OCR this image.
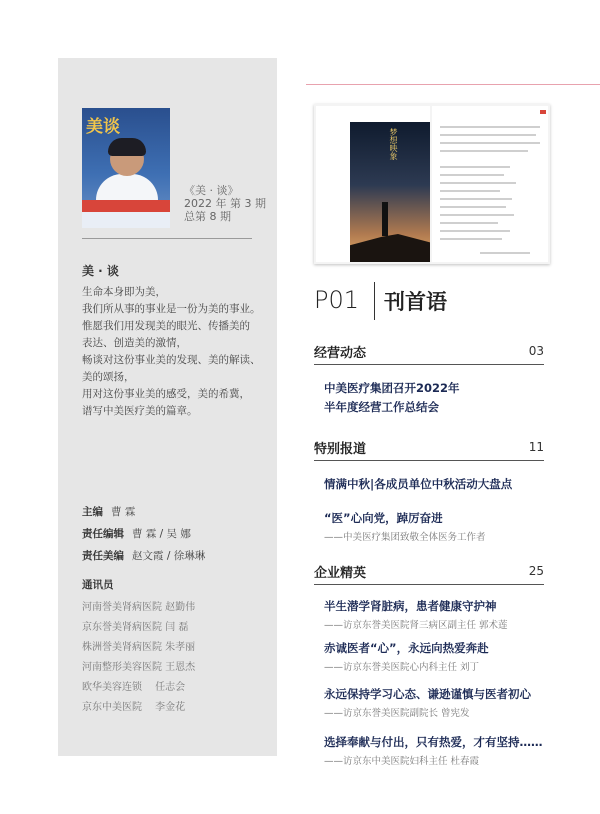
美谈
《美 · 谈》
2022 年 第 3 期
总第 8 期
美 · 谈
生命本身即为美，
我们所从事的事业是一份为美的事业。
惟愿我们用发现美的眼光、传播美的
表达、创造美的激情，
畅谈对这份事业美的发现、美的解读、
美的颂扬，
用对这份事业美的感受，美的希冀，
谱写中美医疗美的篇章。
主编 曹 霖
责任编辑 曹 霖 / 吴 娜
责任美编 赵文霞 / 徐琳琳
通讯员
河南誉美肾病医院 赵勤伟
京东誉美肾病医院 闫 磊
株洲誉美肾病医院 朱孝丽
河南整形美容医院 王恩杰
欧华美容连锁　 任志会
京东中美医院　 李金花
梦想映象
P01 刊首语
经营动态	03
中美医疗集团召开2022年
半年度经营工作总结会
特别报道	11
情满中秋|各成员单位中秋活动大盘点
“医”心向党，踔厉奋进
——中美医疗集团致敬全体医务工作者
企业精英	25
半生潜学肾脏病，患者健康守护神
——访京东誉美医院肾三病区副主任 郭术莲
赤诚医者“心”，永远向热爱奔赴
——访京东誉美医院心内科主任 刘丁
永远保持学习心态、谦逊谨慎与医者初心
——访京东誉美医院副院长 曾宪发
选择奉献与付出，只有热爱，才有坚持……
——访京东中美医院妇科主任 杜春霞
